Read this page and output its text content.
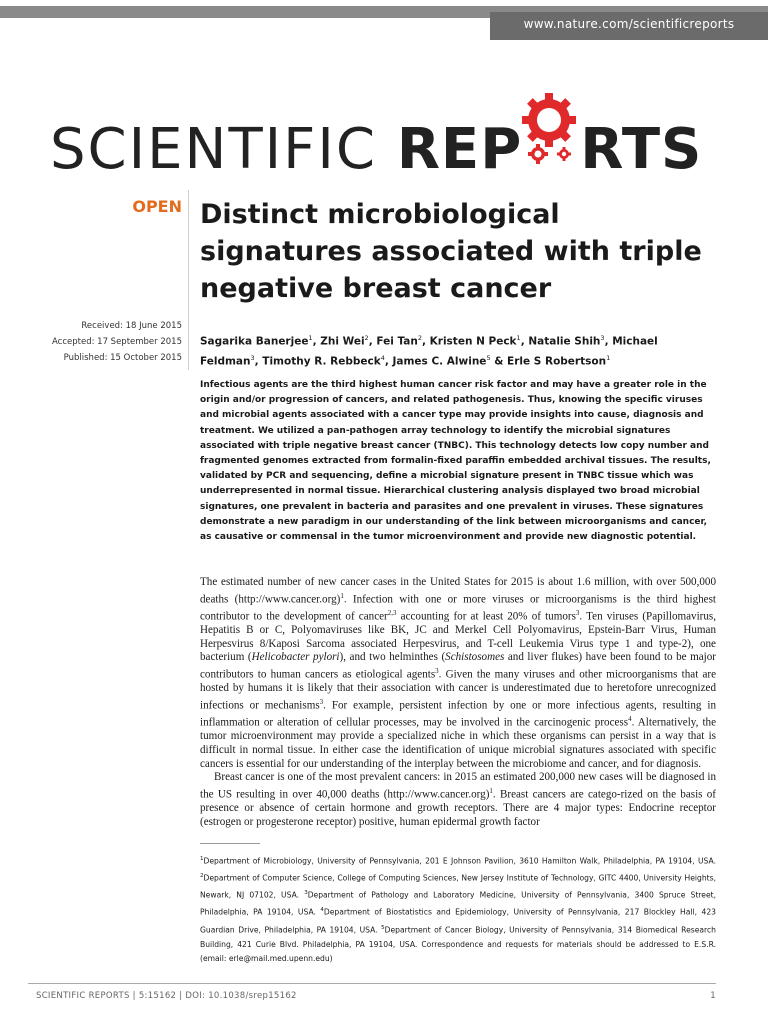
www.nature.com/scientificreports
SCIENTIFIC REP RTS
OPEN Distinct microbiological signatures associated with triple negative breast cancer
Received: 18 June 2015
Accepted: 17 September 2015
Published: 15 October 2015
Sagarika Banerjee$^1$, Zhi Wei$^2$, Fei Tan$^2$, Kristen N Peck$^1$, Natalie Shih$^3$, Michael Feldman$^3$, Timothy R. Rebbeck$^4$, James C. Alwine$^5$ & Erle S Robertson$^1$
Infectious agents are the third highest human cancer risk factor and may have a greater role in the origin and/or progression of cancers, and related pathogenesis. Thus, knowing the specific viruses and microbial agents associated with a cancer type may provide insights into cause, diagnosis and treatment. We utilized a pan-pathogen array technology to identify the microbial signatures associated with triple negative breast cancer (TNBC). This technology detects low copy number and fragmented genomes extracted from formalin-fixed paraffin embedded archival tissues. The results, validated by PCR and sequencing, define a microbial signature present in TNBC tissue which was underrepresented in normal tissue. Hierarchical clustering analysis displayed two broad microbial signatures, one prevalent in bacteria and parasites and one prevalent in viruses. These signatures demonstrate a new paradigm in our understanding of the link between microorganisms and cancer, as causative or commensal in the tumor microenvironment and provide new diagnostic potential.

The estimated number of new cancer cases in the United States for 2015 is about 1.6 million, with over 500,000 deaths (http://www.cancer.org)$^1$. Infection with one or more viruses or microorganisms is the third highest contributor to the development of cancer$^{2,3}$ accounting for at least 20% of tumors$^3$. Ten viruses (Papillomavirus, Hepatitis B or C, Polyomaviruses like BK, JC and Merkel Cell Polyomavirus, Epstein-Barr Virus, Human Herpesvirus 8/Kaposi Sarcoma associated Herpesvirus, and T-cell Leukemia Virus type 1 and type-2), one bacterium (Helicobacter pylori), and two helminthes (Schistosomes and liver flukes) have been found to be major contributors to human cancers as etiological agents$^3$. Given the many viruses and other microorganisms that are hosted by humans it is likely that their association with cancer is underestimated due to heretofore unrecognized infections or mechanisms$^3$. For example, persistent infection by one or more infectious agents, resulting in inflammation or alteration of cellular processes, may be involved in the carcinogenic process$^4$. Alternatively, the tumor microenvironment may provide a specialized niche in which these organisms can persist in a way that is difficult in normal tissue. In either case the identification of unique microbial signatures associated with specific cancers is essential for our understanding of the interplay between the microbiome and cancer, and for diagnosis.

Breast cancer is one of the most prevalent cancers: in 2015 an estimated 200,000 new cases will be diagnosed in the US resulting in over 40,000 deaths (http://www.cancer.org)$^1$. Breast cancers are catego-rized on the basis of presence or absence of certain hormone and growth receptors. There are 4 major types: Endocrine receptor (estrogen or progesterone receptor) positive, human epidermal growth factor

$^1$Department of Microbiology, University of Pennsylvania, 201 E Johnson Pavilion, 3610 Hamilton Walk, Philadelphia, PA 19104, USA. $^2$Department of Computer Science, College of Computing Sciences, New Jersey Institute of Technology, GITC 4400, University Heights, Newark, NJ 07102, USA. $^3$Department of Pathology and Laboratory Medicine, University of Pennsylvania, 3400 Spruce Street, Philadelphia, PA 19104, USA. $^4$Department of Biostatistics and Epidemiology, University of Pennsylvania, 217 Blockley Hall, 423 Guardian Drive, Philadelphia, PA 19104, USA. $^5$Department of Cancer Biology, University of Pennsylvania, 314 Biomedical Research Building, 421 Curie Blvd. Philadelphia, PA 19104, USA. Correspondence and requests for materials should be addressed to E.S.R. (email: erle@mail.med.upenn.edu)
SCIENTIFIC REPORTS | 5:15162 | DOI: 10.1038/srep15162	1
